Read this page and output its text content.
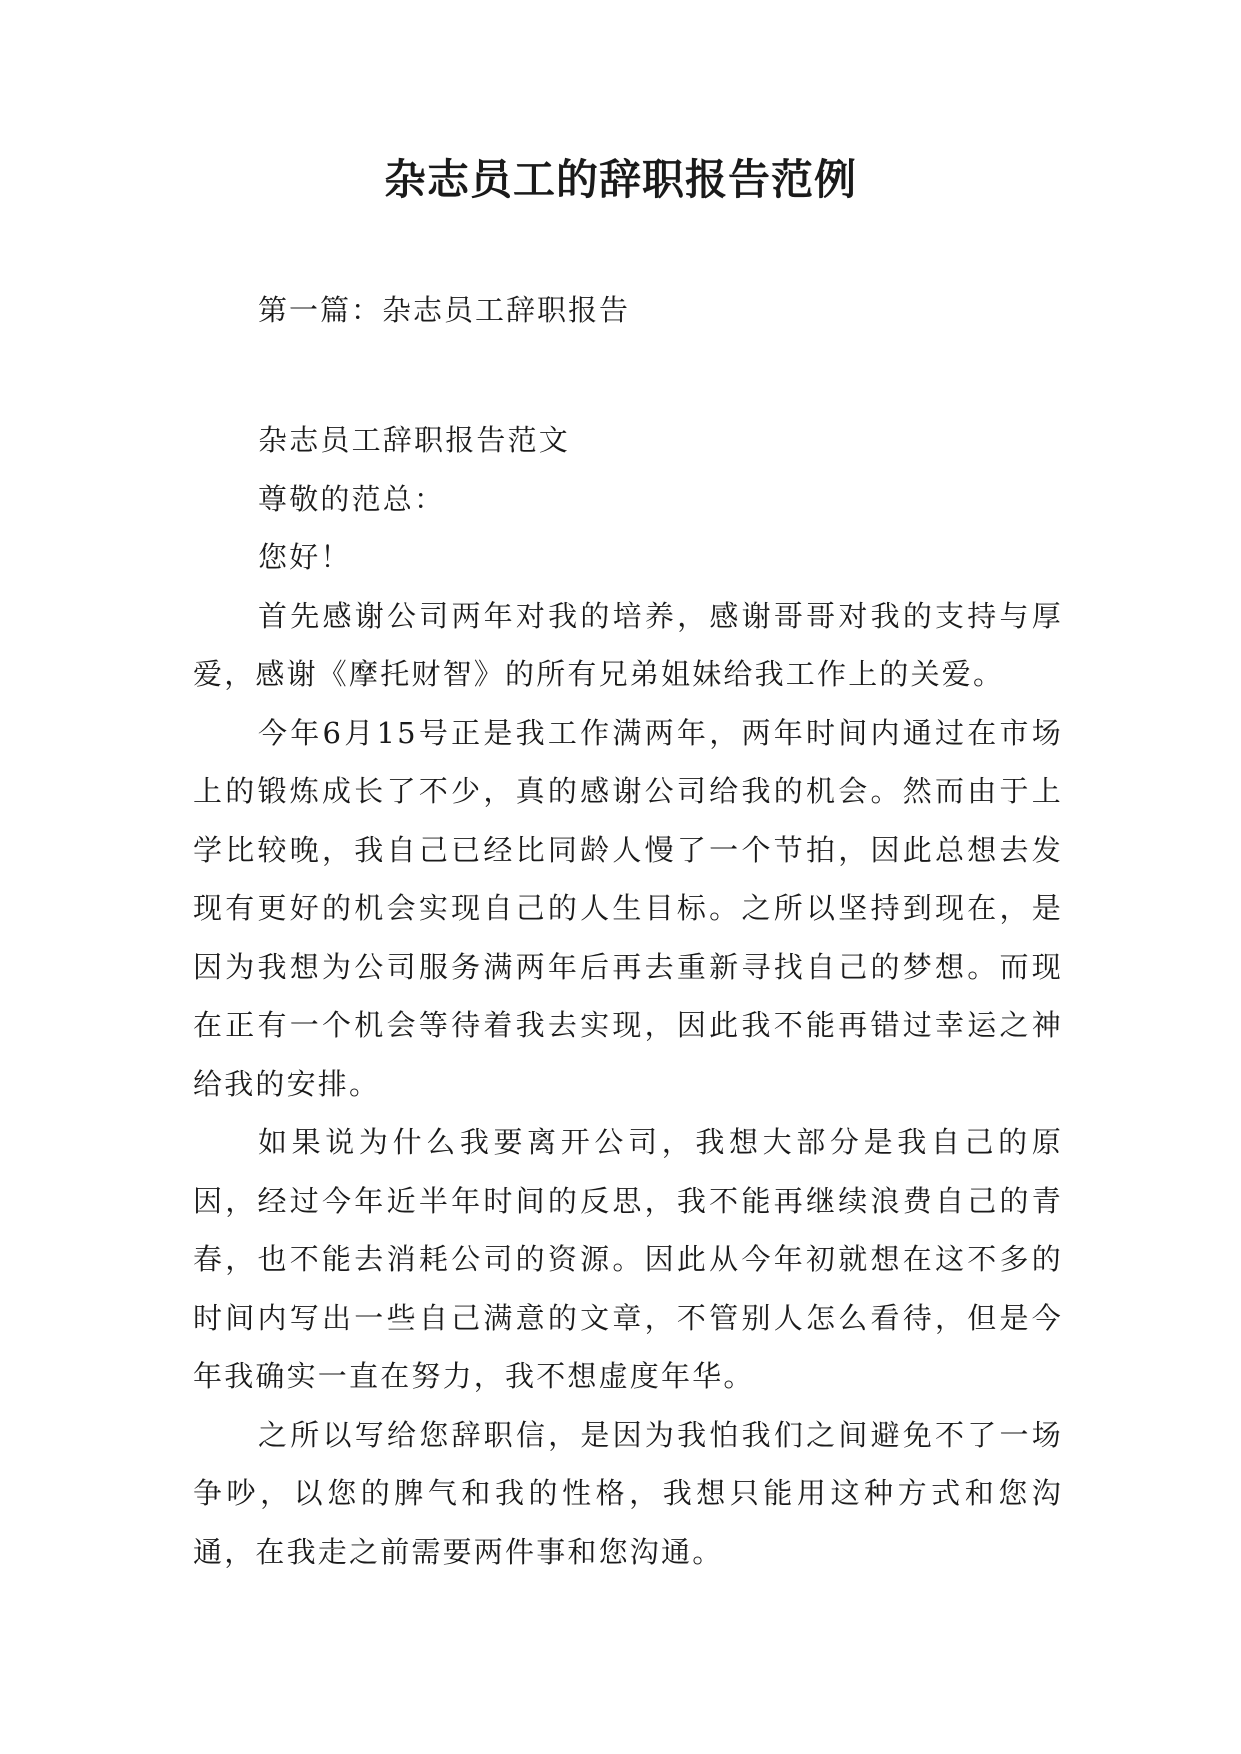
杂志员工的辞职报告范例
第一篇：杂志员工辞职报告

杂志员工辞职报告范文

尊敬的范总：

您好！

首先感谢公司两年对我的培养，感谢哥哥对我的支持与厚爱，感谢《摩托财智》的所有兄弟姐妹给我工作上的关爱。

今年6月15号正是我工作满两年，两年时间内通过在市场上的锻炼成长了不少，真的感谢公司给我的机会。然而由于上学比较晚，我自己已经比同龄人慢了一个节拍，因此总想去发现有更好的机会实现自己的人生目标。之所以坚持到现在，是因为我想为公司服务满两年后再去重新寻找自己的梦想。而现在正有一个机会等待着我去实现，因此我不能再错过幸运之神给我的安排。

如果说为什么我要离开公司，我想大部分是我自己的原因，经过今年近半年时间的反思，我不能再继续浪费自己的青春，也不能去消耗公司的资源。因此从今年初就想在这不多的时间内写出一些自己满意的文章，不管别人怎么看待，但是今年我确实一直在努力，我不想虚度年华。

之所以写给您辞职信，是因为我怕我们之间避免不了一场争吵，以您的脾气和我的性格，我想只能用这种方式和您沟通，在我走之前需要两件事和您沟通。
